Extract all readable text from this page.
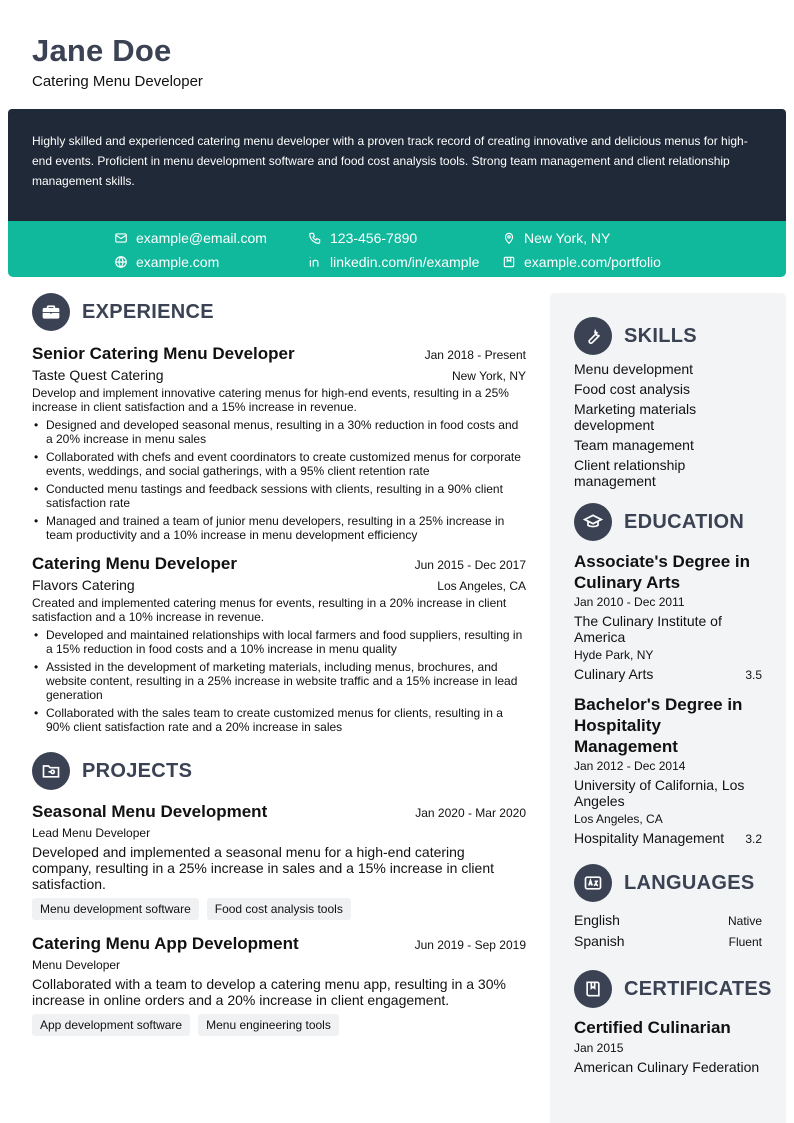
Jane Doe
Catering Menu Developer

Highly skilled and experienced catering menu developer with a proven track record of creating innovative and delicious menus for high-end events. Proficient in menu development software and food cost analysis tools. Strong team management and client relationship management skills.

example@email.com	123-456-7890	New York, NY
example.com	linkedin.com/in/example	example.com/portfolio
EXPERIENCE
Senior Catering Menu Developer	Jan 2018 - Present
Taste Quest Catering	New York, NY
Develop and implement innovative catering menus for high-end events, resulting in a 25% increase in client satisfaction and a 15% increase in revenue.
• Designed and developed seasonal menus, resulting in a 30% reduction in food costs and a 20% increase in menu sales
• Collaborated with chefs and event coordinators to create customized menus for corporate events, weddings, and social gatherings, with a 95% client retention rate
• Conducted menu tastings and feedback sessions with clients, resulting in a 90% client satisfaction rate
• Managed and trained a team of junior menu developers, resulting in a 25% increase in team productivity and a 10% increase in menu development efficiency
Catering Menu Developer	Jun 2015 - Dec 2017
Flavors Catering	Los Angeles, CA
Created and implemented catering menus for events, resulting in a 20% increase in client satisfaction and a 10% increase in revenue.
• Developed and maintained relationships with local farmers and food suppliers, resulting in a 15% reduction in food costs and a 10% increase in menu quality
• Assisted in the development of marketing materials, including menus, brochures, and website content, resulting in a 25% increase in website traffic and a 15% increase in lead generation
• Collaborated with the sales team to create customized menus for clients, resulting in a 90% client satisfaction rate and a 20% increase in sales
PROJECTS
Seasonal Menu Development	Jan 2020 - Mar 2020
Lead Menu Developer
Developed and implemented a seasonal menu for a high-end catering company, resulting in a 25% increase in sales and a 15% increase in client satisfaction.
Menu development software	Food cost analysis tools
Catering Menu App Development	Jun 2019 - Sep 2019
Menu Developer
Collaborated with a team to develop a catering menu app, resulting in a 30% increase in online orders and a 20% increase in client engagement.
App development software	Menu engineering tools
SKILLS
Menu development
Food cost analysis
Marketing materials development
Team management
Client relationship management
EDUCATION
Associate's Degree in Culinary Arts
Jan 2010 - Dec 2011
The Culinary Institute of America
Hyde Park, NY
Culinary Arts	3.5
Bachelor's Degree in Hospitality Management
Jan 2012 - Dec 2014
University of California, Los Angeles
Los Angeles, CA
Hospitality Management 3.2
LANGUAGES
English	Native
Spanish	Fluent
CERTIFICATES
Certified Culinarian
Jan 2015
American Culinary Federation
